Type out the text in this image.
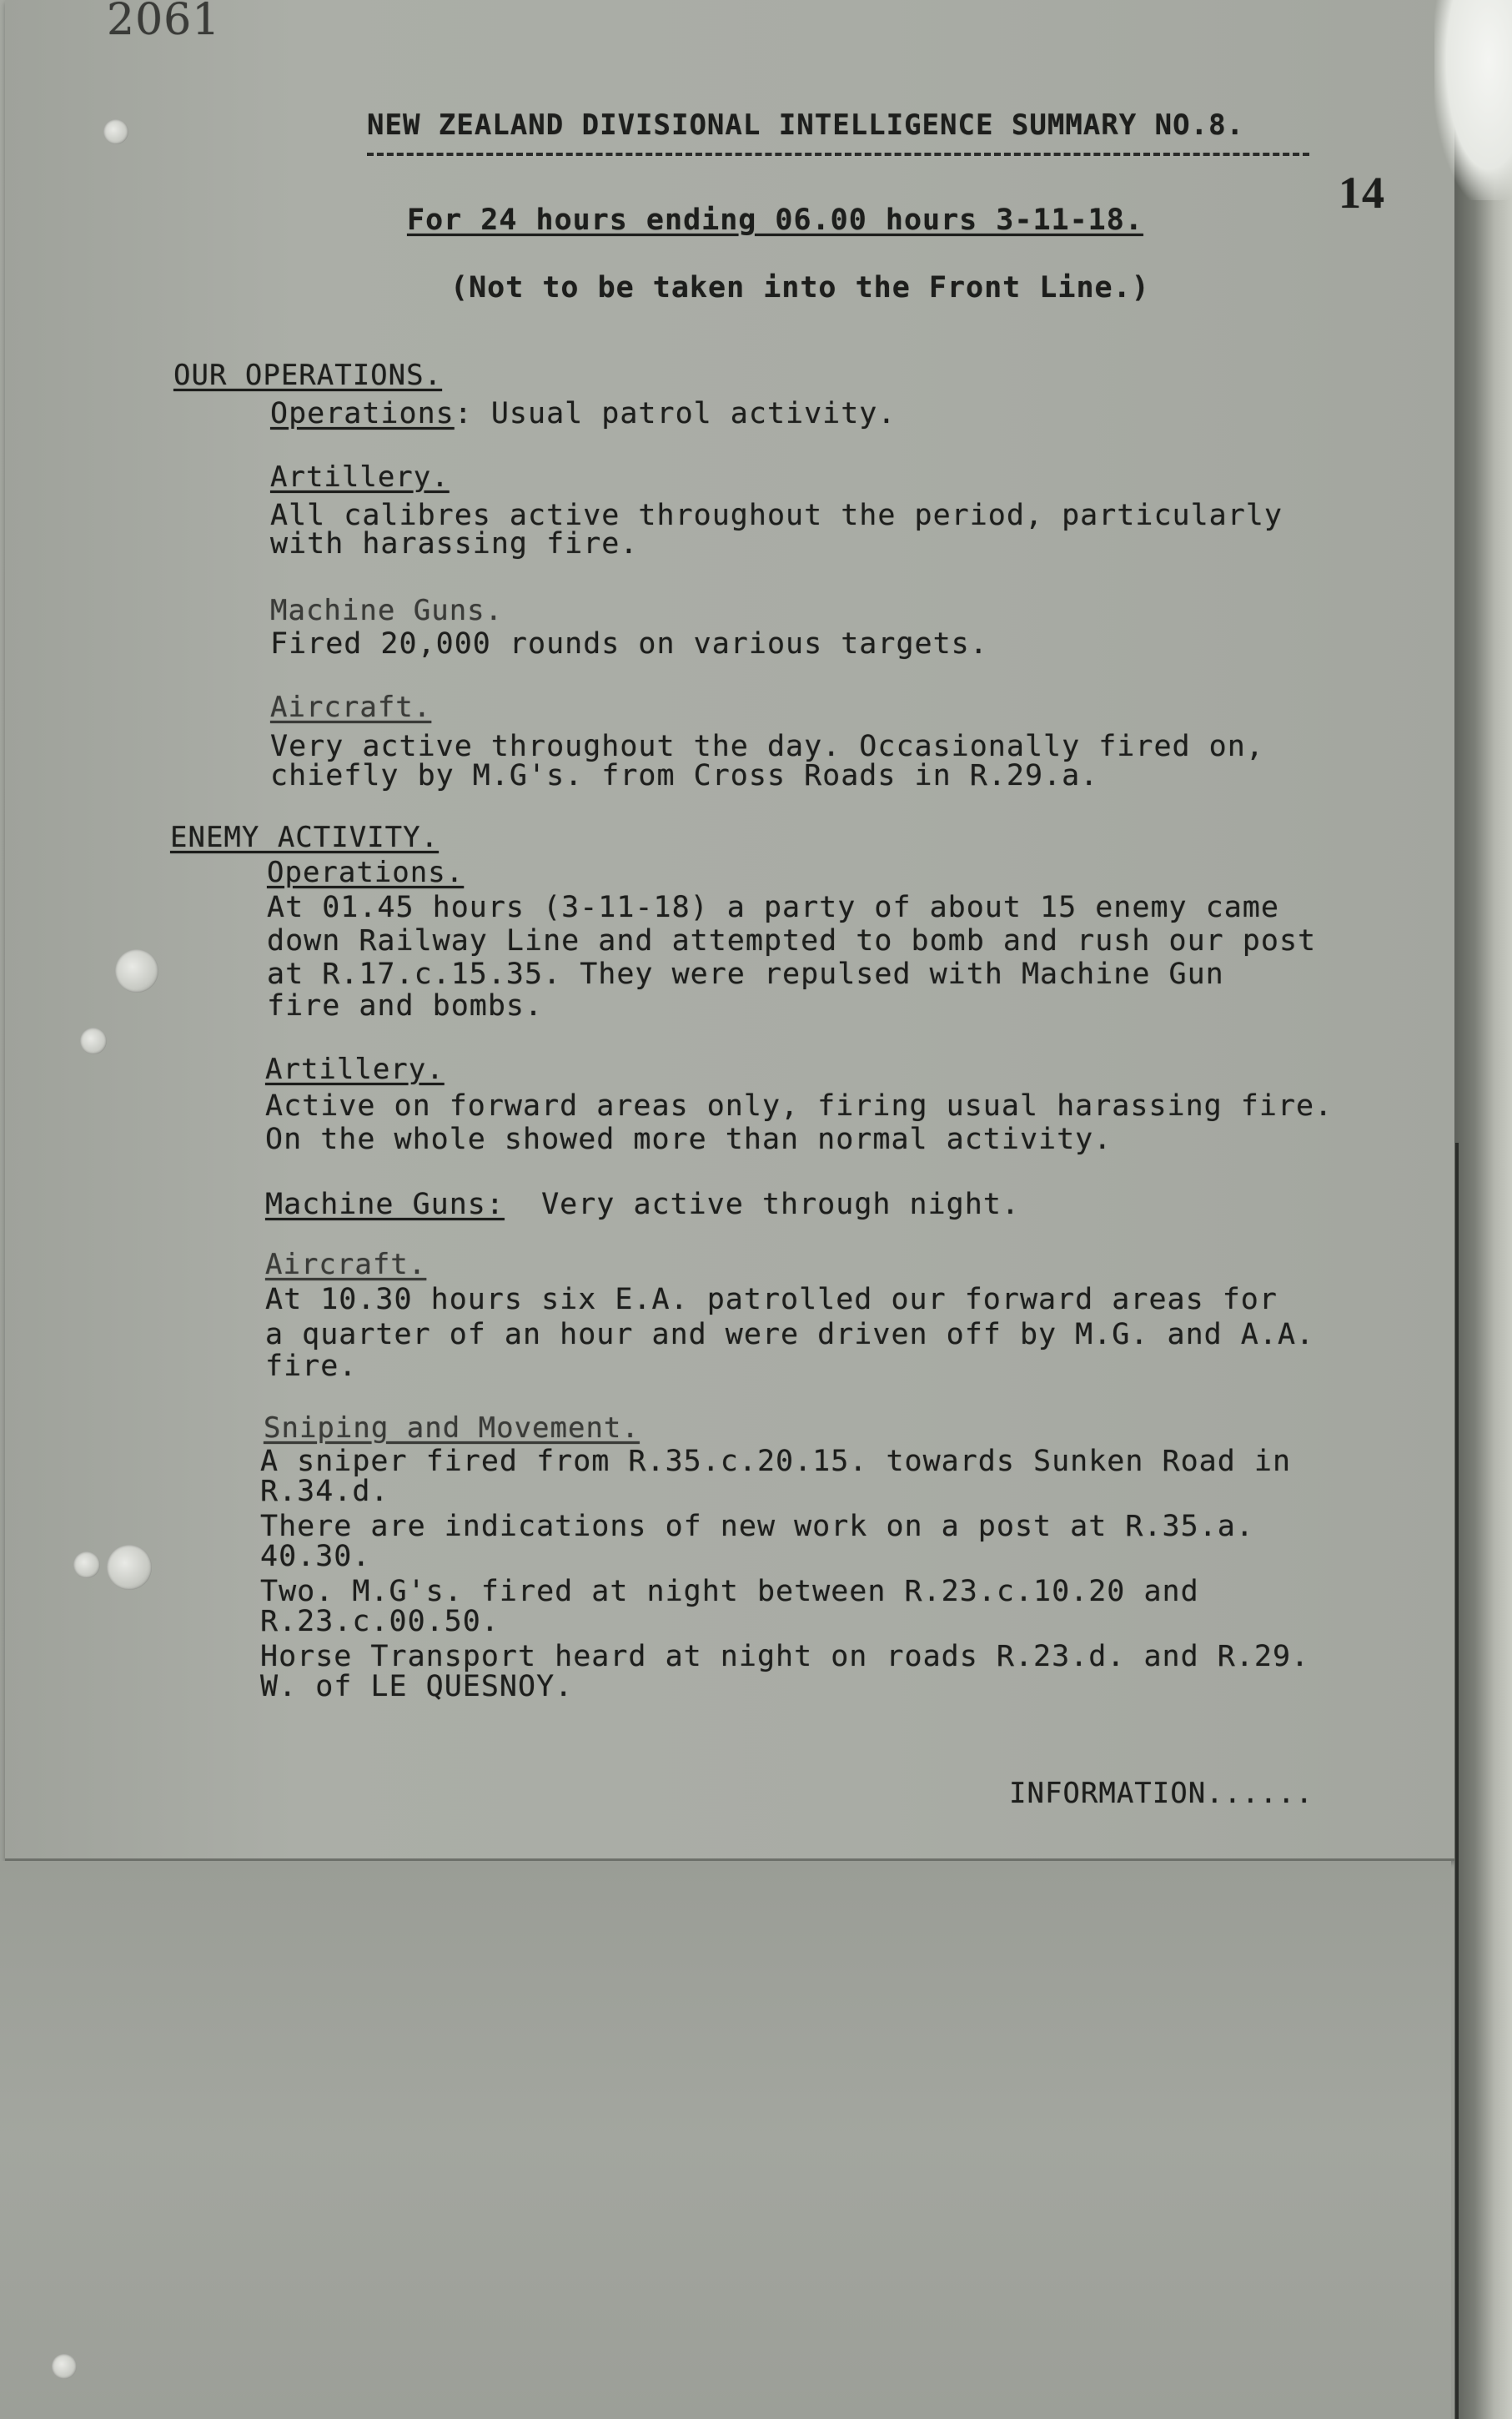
2061

14

NEW ZEALAND DIVISIONAL INTELLIGENCE SUMMARY NO.8.

For 24 hours ending 06.00 hours 3-11-18.

(Not to be taken into the Front Line.)

OUR OPERATIONS.

Operations: Usual patrol activity.

Artillery.

All calibres active throughout the period, particularly

with harassing fire.

Machine Guns.

Fired 20,000 rounds on various targets.

Aircraft.

Very active throughout the day. Occasionally fired on,

chiefly by M.G's. from Cross Roads in R.29.a.

ENEMY ACTIVITY.

Operations.

At 01.45 hours (3-11-18) a party of about 15 enemy came

down Railway Line and attempted to bomb and rush our post

at R.17.c.15.35. They were repulsed with Machine Gun

fire and bombs.

Artillery.

Active on forward areas only, firing usual harassing fire.

On the whole showed more than normal activity.

Machine Guns: Very active through night.

Aircraft.

At 10.30 hours six E.A. patrolled our forward areas for

a quarter of an hour and were driven off by M.G. and A.A.

fire.

Sniping and Movement.

A sniper fired from R.35.c.20.15. towards Sunken Road in

R.34.d.

There are indications of new work on a post at R.35.a.

40.30.

Two. M.G's. fired at night between R.23.c.10.20 and

R.23.c.00.50.

Horse Transport heard at night on roads R.23.d. and R.29.

W. of LE QUESNOY.

INFORMATION......
